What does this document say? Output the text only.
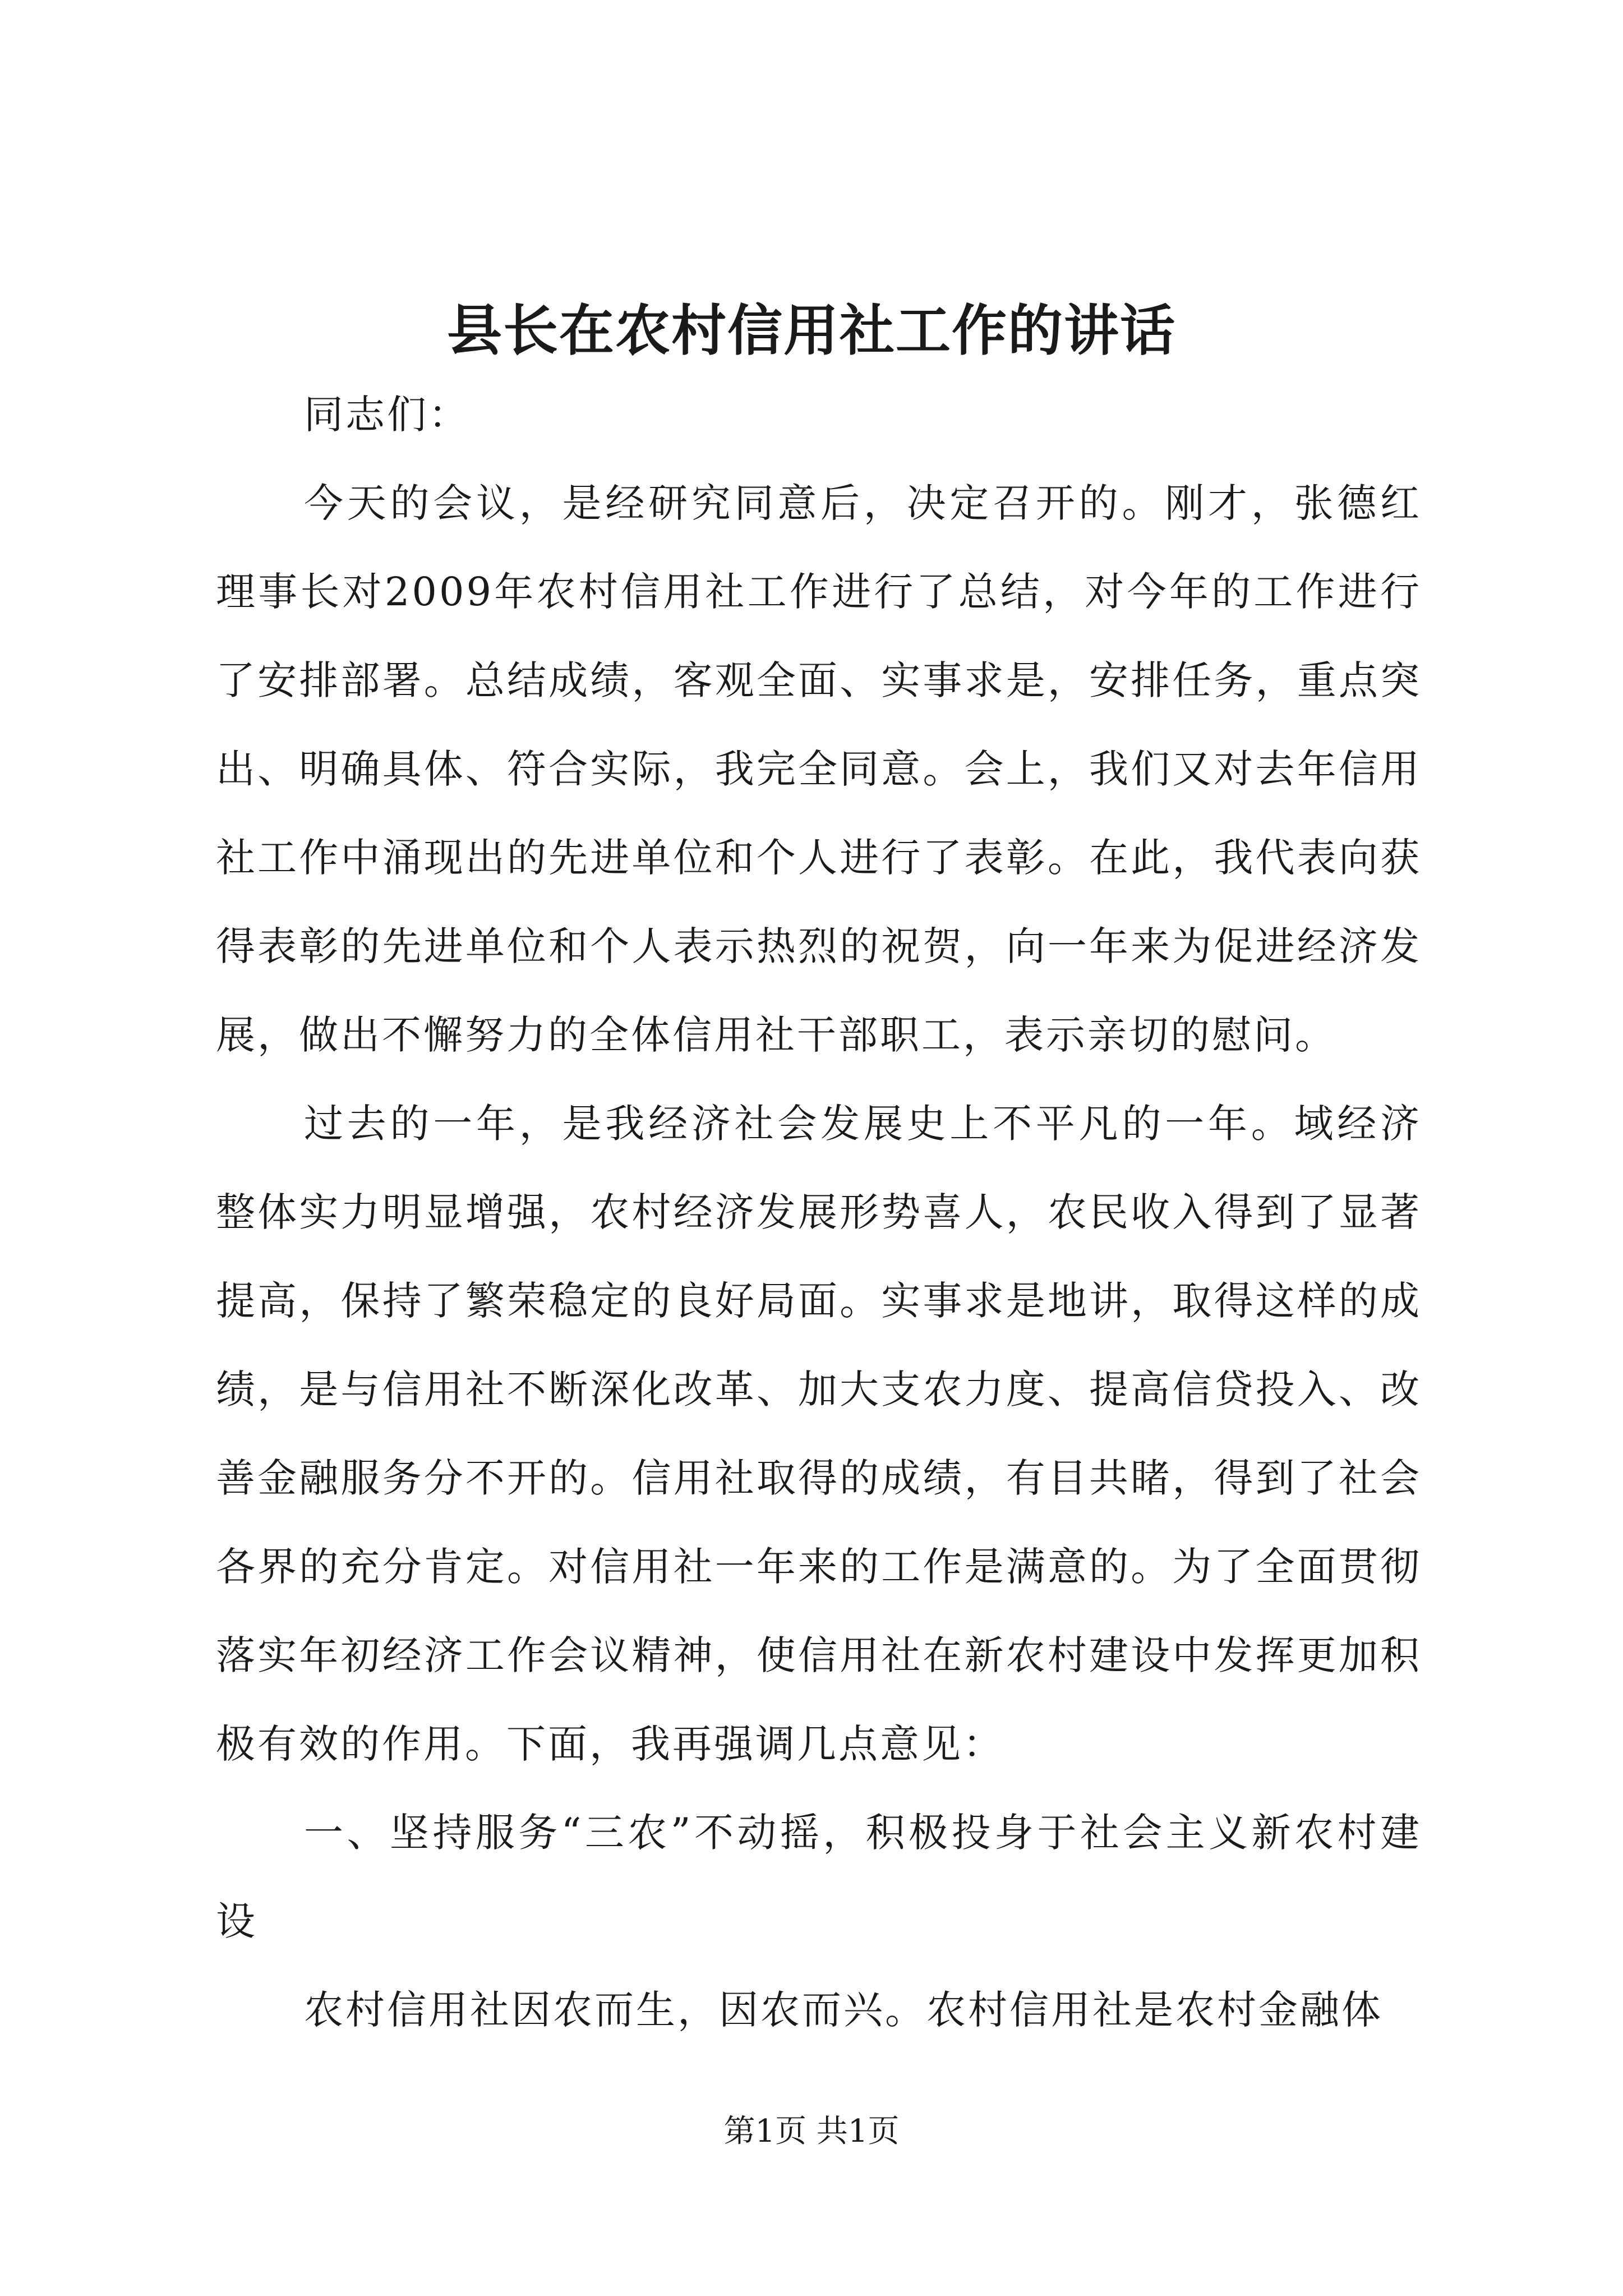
县长在农村信用社工作的讲话

同志们：

今天的会议，是经研究同意后，决定召开的。刚才，张德红理事长对2009年农村信用社工作进行了总结，对今年的工作进行了安排部署。总结成绩，客观全面、实事求是，安排任务，重点突出、明确具体、符合实际，我完全同意。会上，我们又对去年信用社工作中涌现出的先进单位和个人进行了表彰。在此，我代表向获得表彰的先进单位和个人表示热烈的祝贺，向一年来为促进经济发展，做出不懈努力的全体信用社干部职工，表示亲切的慰问。

过去的一年，是我经济社会发展史上不平凡的一年。域经济整体实力明显增强，农村经济发展形势喜人，农民收入得到了显著提高，保持了繁荣稳定的良好局面。实事求是地讲，取得这样的成绩，是与信用社不断深化改革、加大支农力度、提高信贷投入、改善金融服务分不开的。信用社取得的成绩，有目共睹，得到了社会各界的充分肯定。对信用社一年来的工作是满意的。为了全面贯彻落实年初经济工作会议精神，使信用社在新农村建设中发挥更加积极有效的作用。下面，我再强调几点意见：

一、坚持服务“三农”不动摇，积极投身于社会主义新农村建设

农村信用社因农而生，因农而兴。农村信用社是农村金融体

第1页 共1页
